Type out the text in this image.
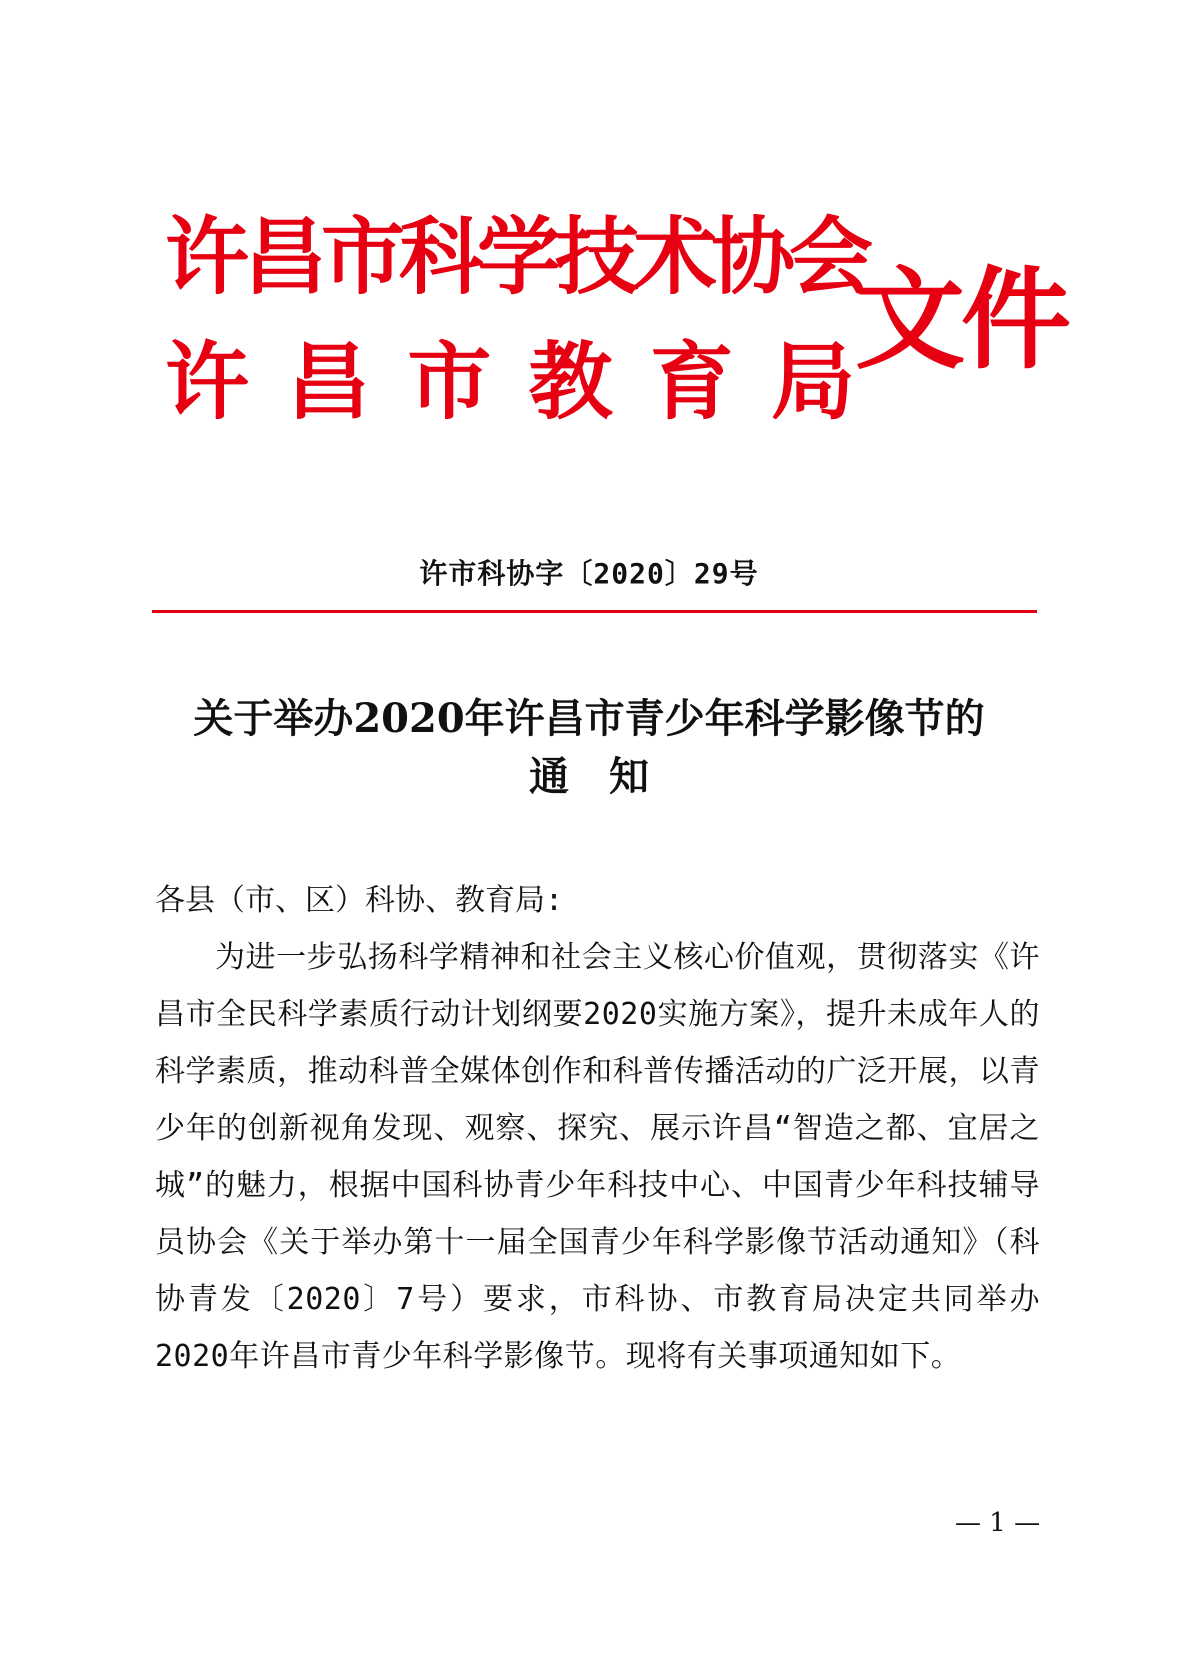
许昌市科学技术协会
许 昌 市 教 育 局 文件
许市科协字〔2020〕29号
关于举办2020年许昌市青少年科学影像节的
通知

各县（市、区）科协、教育局:

为进一步弘扬科学精神和社会主义核心价值观，贯彻落实《许昌市全民科学素质行动计划纲要2020实施方案》，提升未成年人的科学素质，推动科普全媒体创作和科普传播活动的广泛开展，以青少年的创新视角发现、观察、探究、展示许昌“智造之都、宜居之城”的魅力，根据中国科协青少年科技中心、中国青少年科技辅导员协会《关于举办第十一届全国青少年科学影像节活动通知》（科协青发〔2020〕7号）要求，市科协、市教育局决定共同举办2020年许昌市青少年科学影像节。现将有关事项通知如下。

— 1 —
